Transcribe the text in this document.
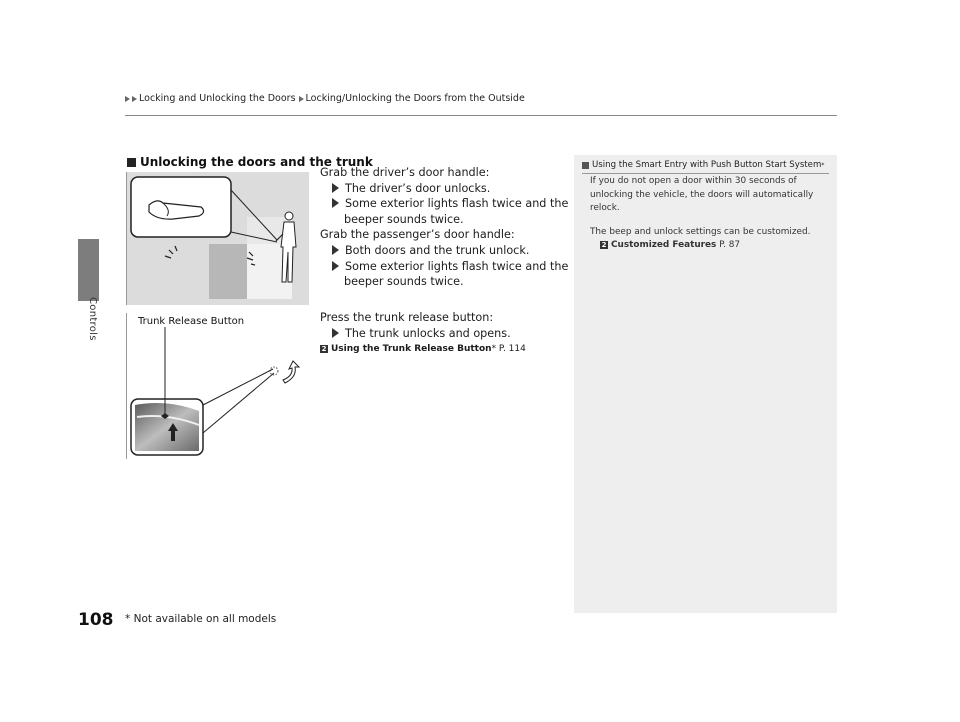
Locking and Unlocking the Doors Locking/Unlocking the Doors from the Outside
Controls
Unlocking the doors and the trunk
Trunk Release Button
Grab the driver’s door handle:
The driver’s door unlocks.
Some exterior lights flash twice and the
beeper sounds twice.
Grab the passenger’s door handle:
Both doors and the trunk unlock.
Some exterior lights flash twice and the
beeper sounds twice.
Press the trunk release button:
The trunk unlocks and opens.
2 Using the Trunk Release Button* P. 114
Using the Smart Entry with Push Button Start System *

If you do not open a door within 30 seconds of unlocking the vehicle, the doors will automatically relock.

The beep and unlock settings can be customized.

2 Customized Features P. 87
108 * Not available on all models
